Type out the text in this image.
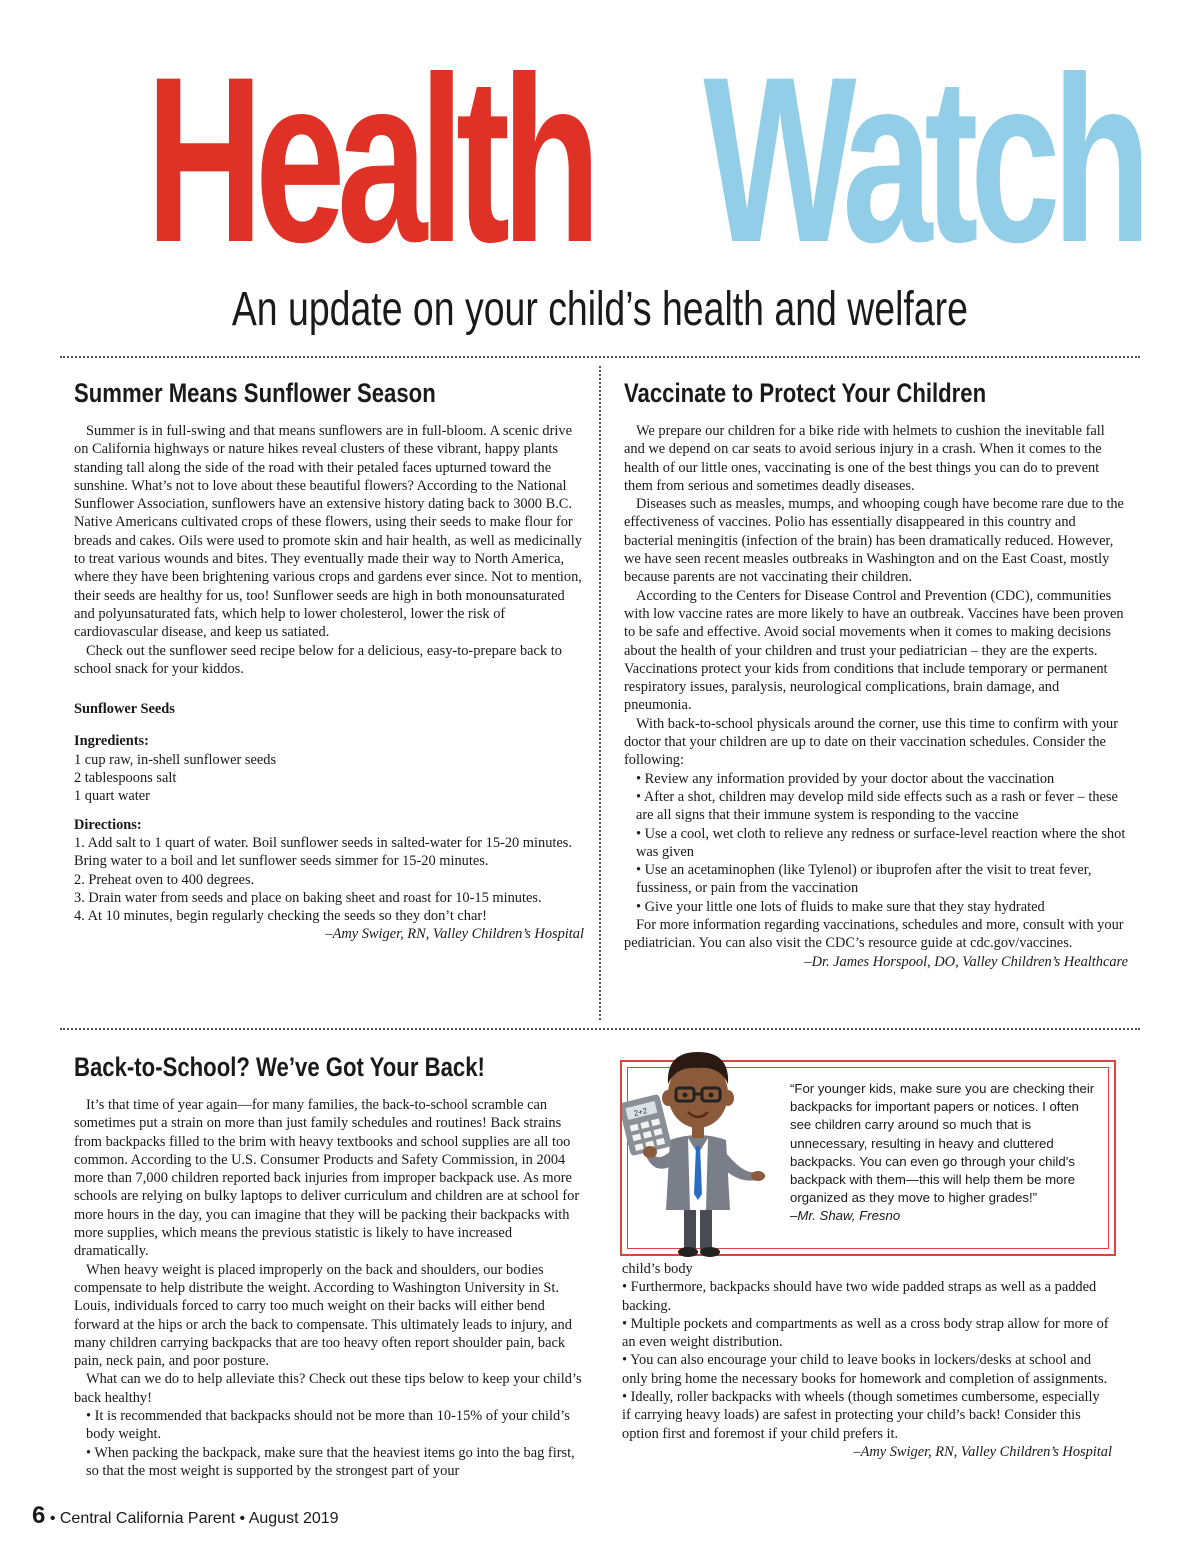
Health Watch
An update on your child’s health and welfare
Summer Means Sunflower Season

Summer is in full-swing and that means sunflowers are in full-bloom. A scenic drive on California highways or nature hikes reveal clusters of these vibrant, happy plants standing tall along the side of the road with their petaled faces upturned toward the sunshine. What’s not to love about these beautiful flowers? According to the National Sunflower Association, sunflowers have an extensive history dating back to 3000 B.C. Native Americans cultivated crops of these flowers, using their seeds to make flour for breads and cakes. Oils were used to promote skin and hair health, as well as medicinally to treat various wounds and bites. They eventually made their way to North America, where they have been brightening various crops and gardens ever since. Not to mention, their seeds are healthy for us, too! Sunflower seeds are high in both monounsaturated and polyunsaturated fats, which help to lower cholesterol, lower the risk of cardiovascular disease, and keep us satiated.

Check out the sunflower seed recipe below for a delicious, easy-to-prepare back to school snack for your kiddos.

Sunflower Seeds

Ingredients:

1 cup raw, in-shell sunflower seeds

2 tablespoons salt

1 quart water

Directions:

1. Add salt to 1 quart of water. Boil sunflower seeds in salted-water for 15-20 minutes. Bring water to a boil and let sunflower seeds simmer for 15-20 minutes.

2. Preheat oven to 400 degrees.

3. Drain water from seeds and place on baking sheet and roast for 10-15 minutes.

4. At 10 minutes, begin regularly checking the seeds so they don’t char!

–Amy Swiger, RN, Valley Children’s Hospital

Vaccinate to Protect Your Children

We prepare our children for a bike ride with helmets to cushion the inevitable fall and we depend on car seats to avoid serious injury in a crash. When it comes to the health of our little ones, vaccinating is one of the best things you can do to prevent them from serious and sometimes deadly diseases.

Diseases such as measles, mumps, and whooping cough have become rare due to the effectiveness of vaccines. Polio has essentially disappeared in this country and bacterial meningitis (infection of the brain) has been dramatically reduced. However, we have seen recent measles outbreaks in Washington and on the East Coast, mostly because parents are not vaccinating their children.

According to the Centers for Disease Control and Prevention (CDC), communities with low vaccine rates are more likely to have an outbreak. Vaccines have been proven to be safe and effective. Avoid social movements when it comes to making decisions about the health of your children and trust your pediatrician – they are the experts. Vaccinations protect your kids from conditions that include temporary or permanent respiratory issues, paralysis, neurological complications, brain damage, and pneumonia.

With back-to-school physicals around the corner, use this time to confirm with your doctor that your children are up to date on their vaccination schedules. Consider the following:

• Review any information provided by your doctor about the vaccination

• After a shot, children may develop mild side effects such as a rash or fever – these are all signs that their immune system is responding to the vaccine

• Use a cool, wet cloth to relieve any redness or surface-level reaction where the shot was given

• Use an acetaminophen (like Tylenol) or ibuprofen after the visit to treat fever, fussiness, or pain from the vaccination

• Give your little one lots of fluids to make sure that they stay hydrated

For more information regarding vaccinations, schedules and more, consult with your pediatrician. You can also visit the CDC’s resource guide at cdc.gov/vaccines.

–Dr. James Horspool, DO, Valley Children’s Healthcare

Back-to-School? We’ve Got Your Back!

It’s that time of year again—for many families, the back-to-school scramble can sometimes put a strain on more than just family schedules and routines! Back strains from backpacks filled to the brim with heavy textbooks and school supplies are all too common. According to the U.S. Consumer Products and Safety Commission, in 2004 more than 7,000 children reported back injuries from improper backpack use. As more schools are relying on bulky laptops to deliver curriculum and children are at school for more hours in the day, you can imagine that they will be packing their backpacks with more supplies, which means the previous statistic is likely to have increased dramatically.

When heavy weight is placed improperly on the back and shoulders, our bodies compensate to help distribute the weight. According to Washington University in St. Louis, individuals forced to carry too much weight on their backs will either bend forward at the hips or arch the back to compensate. This ultimately leads to injury, and many children carrying backpacks that are too heavy often report shoulder pain, back pain, neck pain, and poor posture.

What can we do to help alleviate this? Check out these tips below to keep your child’s back healthy!

• It is recommended that backpacks should not be more than 10-15% of your child’s body weight.

• When packing the backpack, make sure that the heaviest items go into the bag first, so that the most weight is supported by the strongest part of your

2+2

“For younger kids, make sure you are checking their backpacks for important papers or notices. I often see children carry around so much that is unnecessary, resulting in heavy and cluttered backpacks. You can even go through your child’s backpack with them—this will help them be more organized as they move to higher grades!”

–Mr. Shaw, Fresno

child’s body

• Furthermore, backpacks should have two wide padded straps as well as a padded backing.

• Multiple pockets and compartments as well as a cross body strap allow for more of an even weight distribution.

• You can also encourage your child to leave books in lockers/desks at school and only bring home the necessary books for homework and completion of assignments.

• Ideally, roller backpacks with wheels (though sometimes cumbersome, especially if carrying heavy loads) are safest in protecting your child’s back! Consider this option first and foremost if your child prefers it.

–Amy Swiger, RN, Valley Children’s Hospital

6 • Central California Parent • August 2019
